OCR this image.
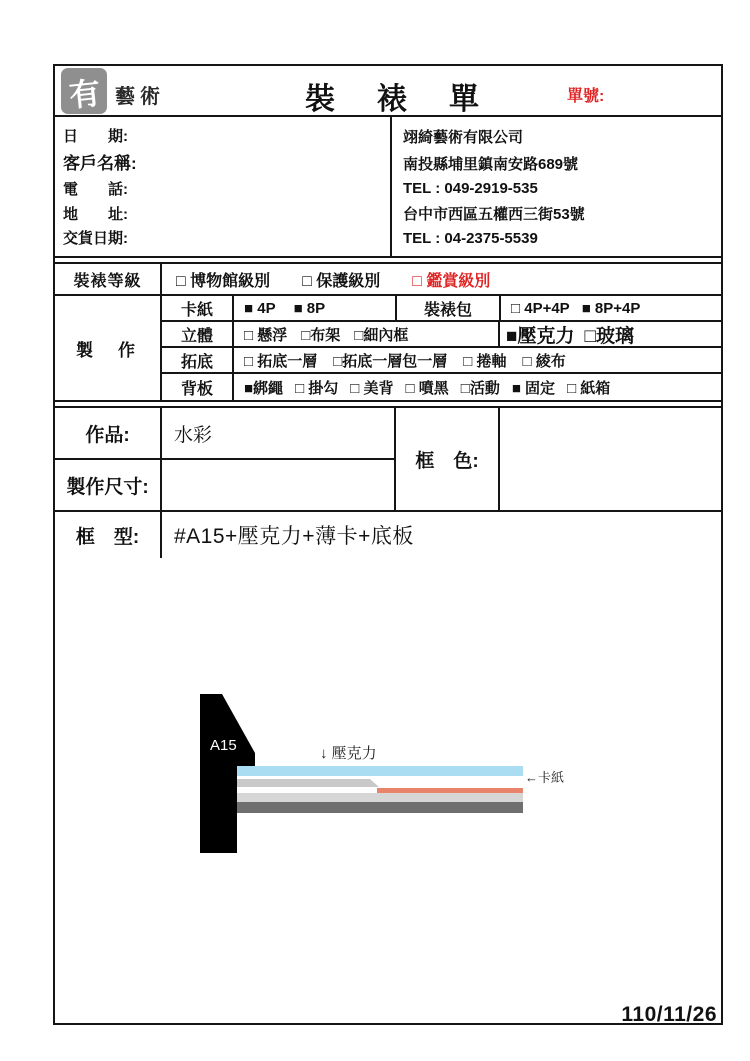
有 藝術	裝　裱　單	單號:
日　　期:
客戶名稱:
電　　話:
地　　址:
交貨日期:
翊綺藝術有限公司
南投縣埔里鎮南安路689號
TEL : 049-2919-535
台中市西區五權西三街53號
TEL : 04-2375-5539
裝裱等級	□ 博物館級別 □ 保護級別 □ 鑑賞級別
製　作
卡紙	■ 4P ■ 8P	裝裱包	□ 4P+4P ■ 8P+4P
立體	□ 懸浮 □布架 □細內框	■壓克力 □玻璃
拓底	□ 拓底一層 □拓底一層包一層 □ 捲軸 □ 綾布
背板	■綁繩 □ 掛勾 □ 美背 □ 噴黑 □活動 ■ 固定 □ 紙箱
作品:	水彩
框　色:
製作尺寸:
框　型:	#A15+壓克力+薄卡+底板
A15	↓ 壓克力
←卡紙
110/11/26
